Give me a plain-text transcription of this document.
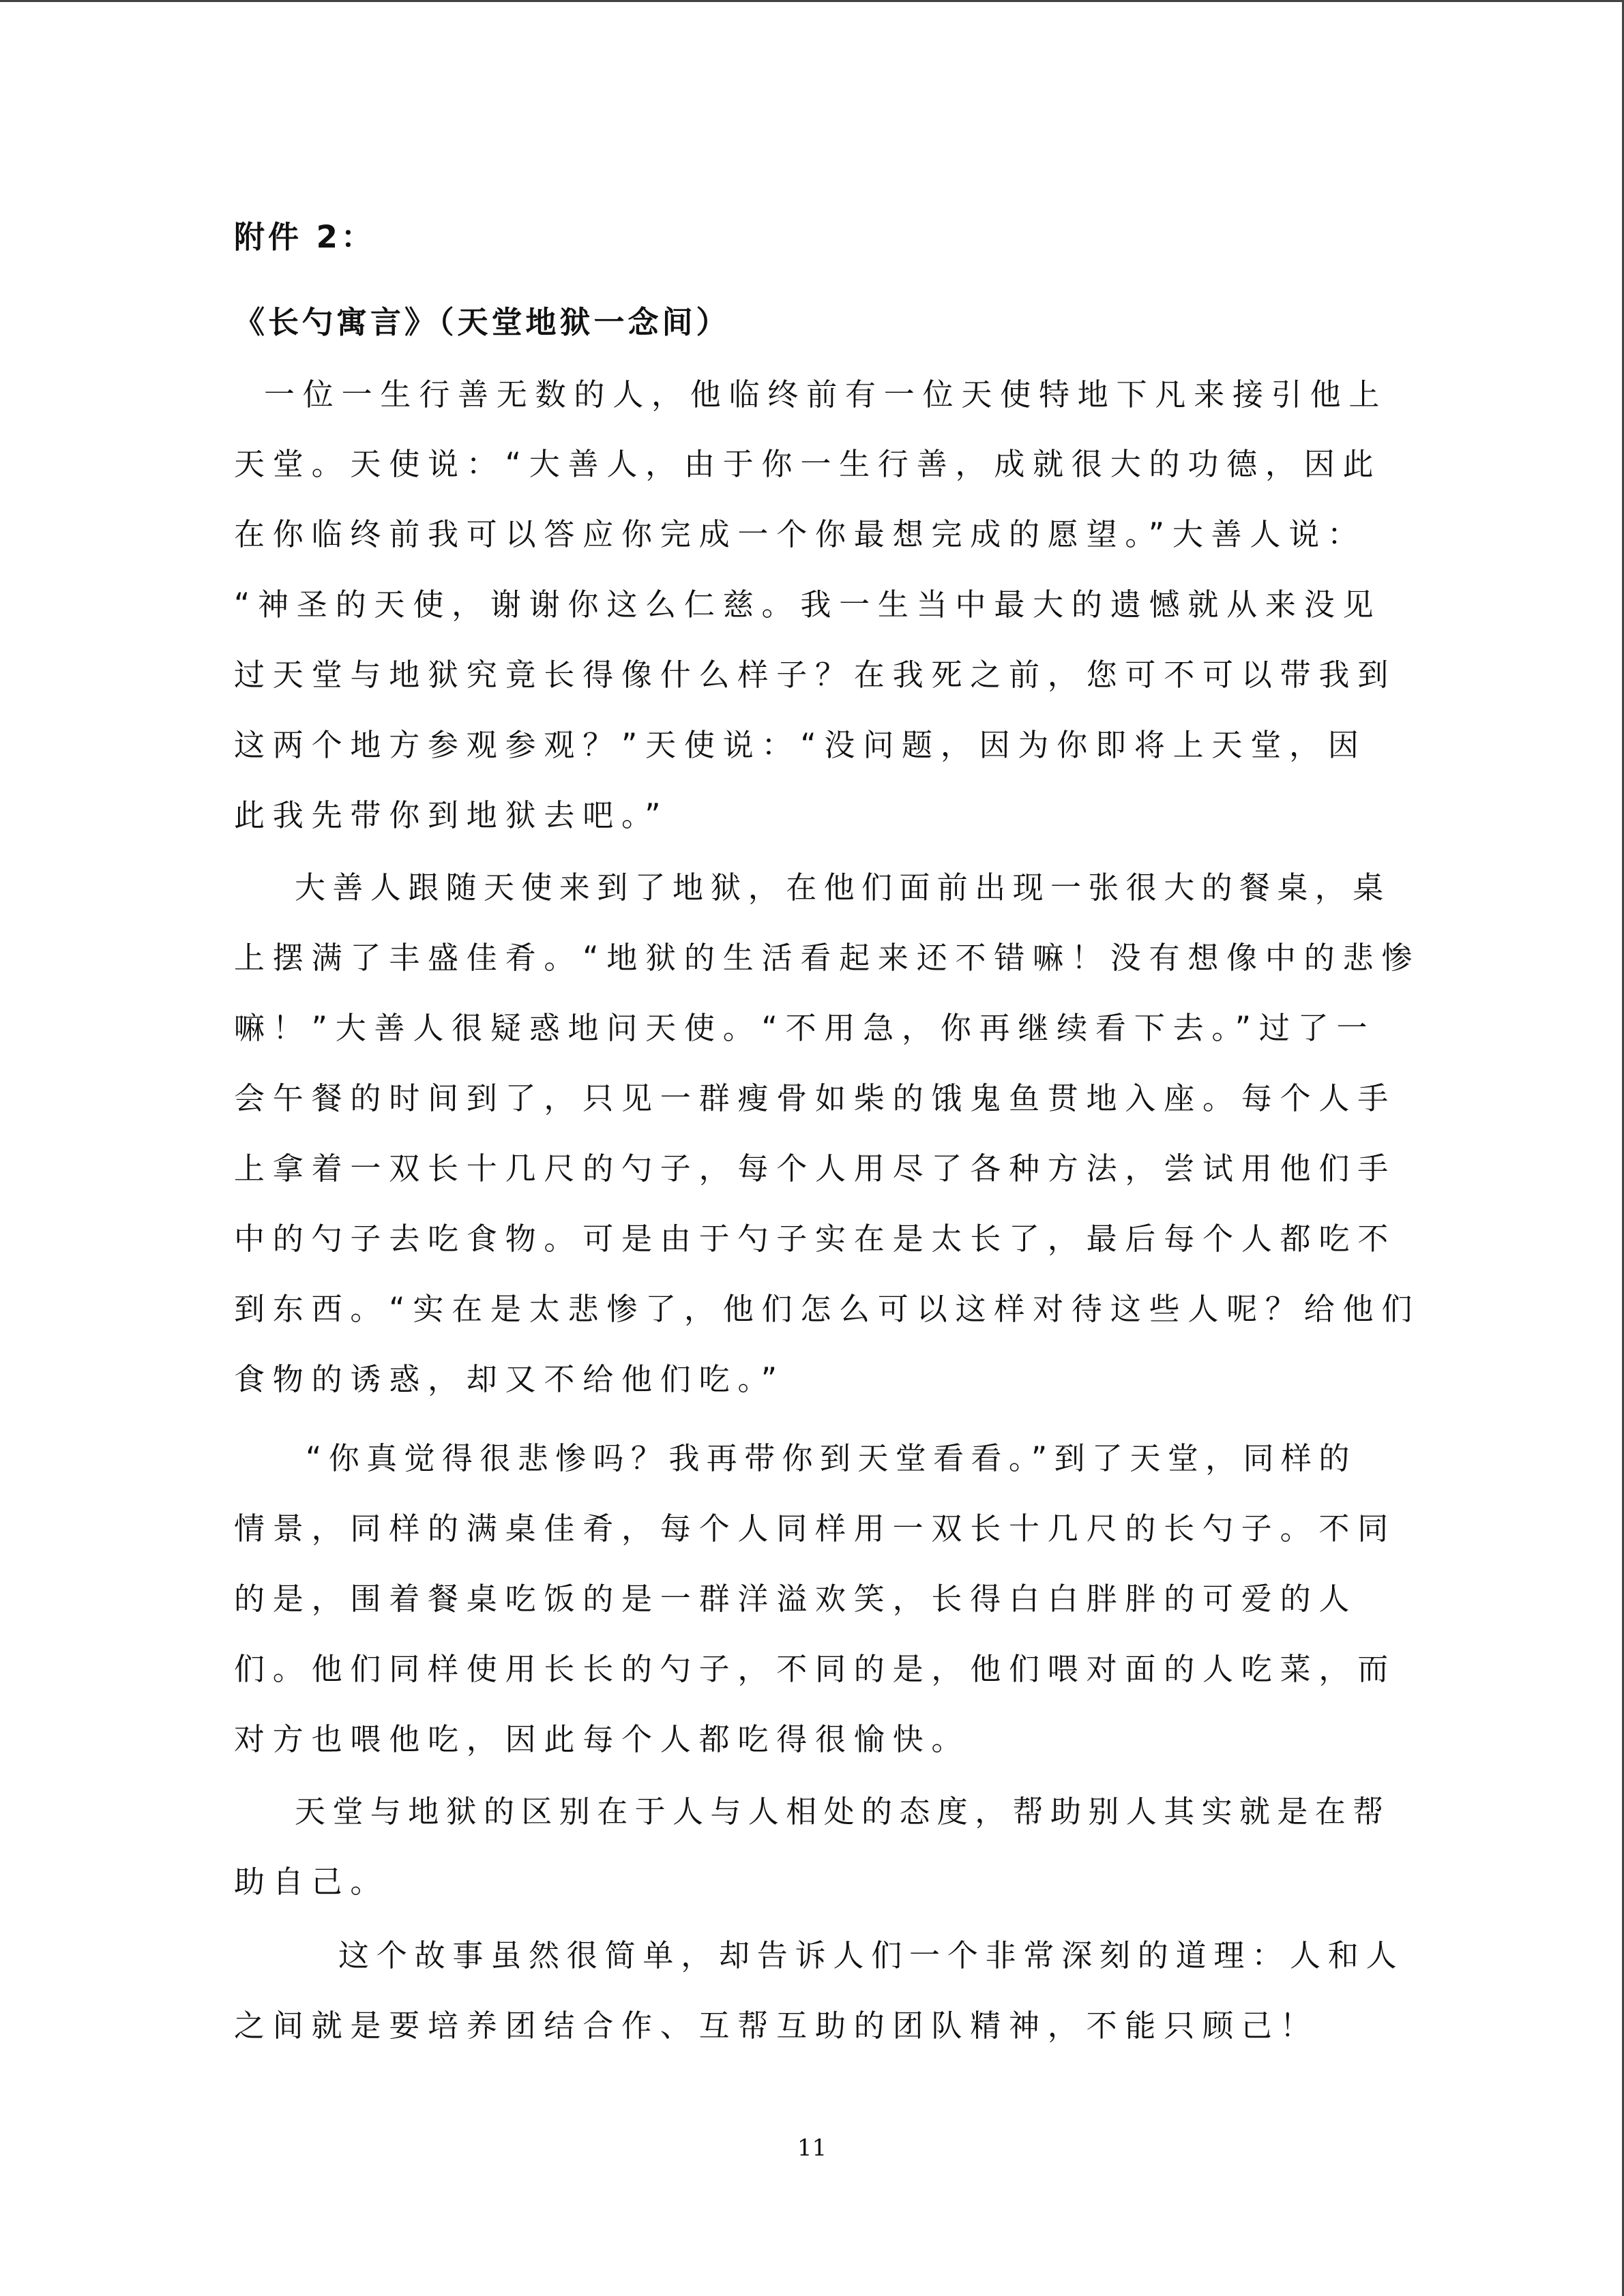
附件 2：
《长勺寓言》（天堂地狱一念间）
一位一生行善无数的人，他临终前有一位天使特地下凡来接引他上
天堂。天使说：“大善人，由于你一生行善，成就很大的功德，因此
在你临终前我可以答应你完成一个你最想完成的愿望。”大善人说：
“神圣的天使，谢谢你这么仁慈。我一生当中最大的遗憾就从来没见
过天堂与地狱究竟长得像什么样子？在我死之前，您可不可以带我到
这两个地方参观参观？”天使说：“没问题，因为你即将上天堂，因
此我先带你到地狱去吧。”
大善人跟随天使来到了地狱，在他们面前出现一张很大的餐桌，桌
上摆满了丰盛佳肴。“地狱的生活看起来还不错嘛！没有想像中的悲惨
嘛！”大善人很疑惑地问天使。“不用急，你再继续看下去。”过了一
会午餐的时间到了，只见一群瘦骨如柴的饿鬼鱼贯地入座。每个人手
上拿着一双长十几尺的勺子，每个人用尽了各种方法，尝试用他们手
中的勺子去吃食物。可是由于勺子实在是太长了，最后每个人都吃不
到东西。“实在是太悲惨了，他们怎么可以这样对待这些人呢？给他们
食物的诱惑，却又不给他们吃。”
“你真觉得很悲惨吗？我再带你到天堂看看。”到了天堂，同样的
情景，同样的满桌佳肴，每个人同样用一双长十几尺的长勺子。不同
的是，围着餐桌吃饭的是一群洋溢欢笑，长得白白胖胖的可爱的人
们。他们同样使用长长的勺子，不同的是，他们喂对面的人吃菜，而
对方也喂他吃，因此每个人都吃得很愉快。
天堂与地狱的区别在于人与人相处的态度，帮助别人其实就是在帮
助自己。
这个故事虽然很简单，却告诉人们一个非常深刻的道理：人和人
之间就是要培养团结合作、互帮互助的团队精神，不能只顾己！
11
